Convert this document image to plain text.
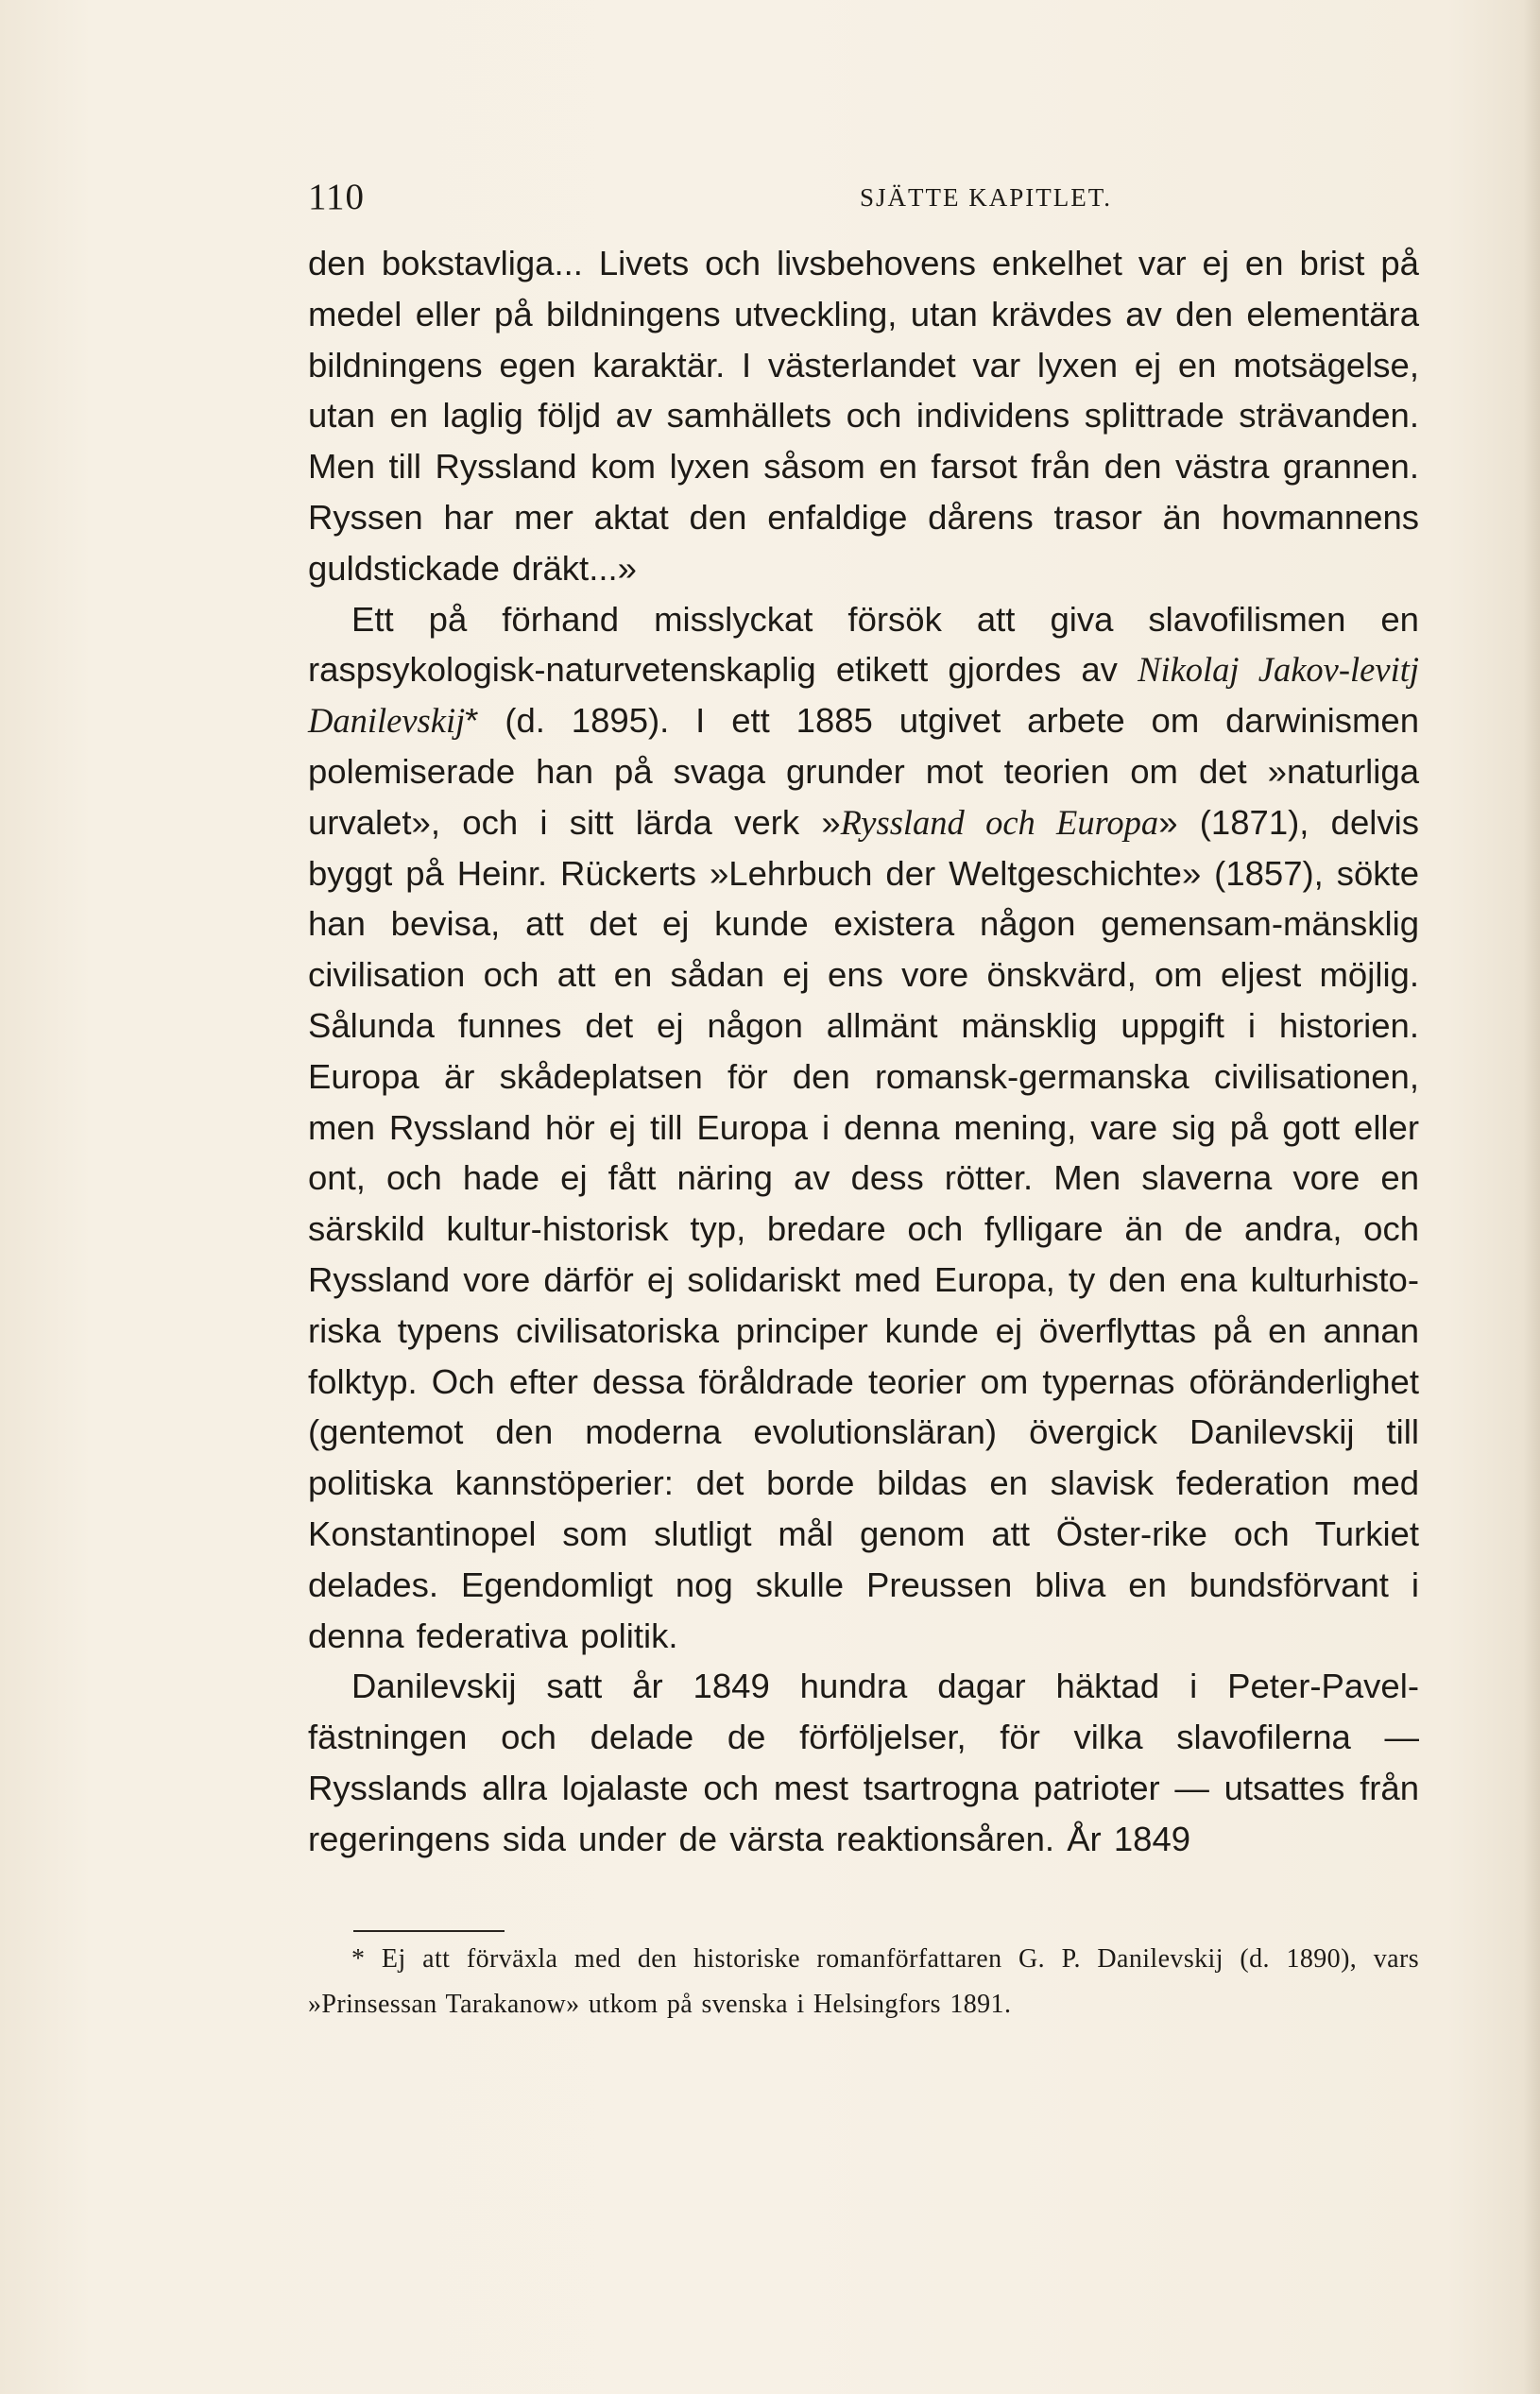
110	SJÄTTE KAPITLET.

den bokstavliga... Livets och livsbehovens enkelhet var ej en brist på medel eller på bildningens utveckling, utan krävdes av den elementära bildningens egen karaktär. I västerlandet var lyxen ej en motsägelse, utan en laglig följd av samhällets och individens splittrade strävanden. Men till Ryssland kom lyxen såsom en farsot från den västra grannen. Ryssen har mer aktat den enfaldige dårens trasor än hovmannens guldstickade dräkt...»

Ett på förhand misslyckat försök att giva slavofilismen en raspsykologisk-naturvetenskaplig etikett gjordes av Nikolaj Jakov-levitj Danilevskij* (d. 1895). I ett 1885 utgivet arbete om darwinismen polemiserade han på svaga grunder mot teorien om det »naturliga urvalet», och i sitt lärda verk »Ryssland och Europa» (1871), delvis byggt på Heinr. Rückerts »Lehrbuch der Weltgeschichte» (1857), sökte han bevisa, att det ej kunde existera någon gemensam-mänsklig civilisation och att en sådan ej ens vore önskvärd, om eljest möjlig. Sålunda funnes det ej någon allmänt mänsklig uppgift i historien. Europa är skådeplatsen för den romansk-germanska civilisationen, men Ryssland hör ej till Europa i denna mening, vare sig på gott eller ont, och hade ej fått näring av dess rötter. Men slaverna vore en särskild kultur-historisk typ, bredare och fylligare än de andra, och Ryssland vore därför ej solidariskt med Europa, ty den ena kulturhisto-riska typens civilisatoriska principer kunde ej överflyttas på en annan folktyp. Och efter dessa föråldrade teorier om typernas oföränderlighet (gentemot den moderna evolutionsläran) övergick Danilevskij till politiska kannstöperier: det borde bildas en slavisk federation med Konstantinopel som slutligt mål genom att Öster-rike och Turkiet delades. Egendomligt nog skulle Preussen bliva en bundsförvant i denna federativa politik.

Danilevskij satt år 1849 hundra dagar häktad i Peter-Pavel-fästningen och delade de förföljelser, för vilka slavofilerna — Rysslands allra lojalaste och mest tsartrogna patrioter — utsattes från regeringens sida under de värsta reaktionsåren. År 1849

* Ej att förväxla med den historiske romanförfattaren G. P. Danilevskij (d. 1890), vars »Prinsessan Tarakanow» utkom på svenska i Helsingfors 1891.
